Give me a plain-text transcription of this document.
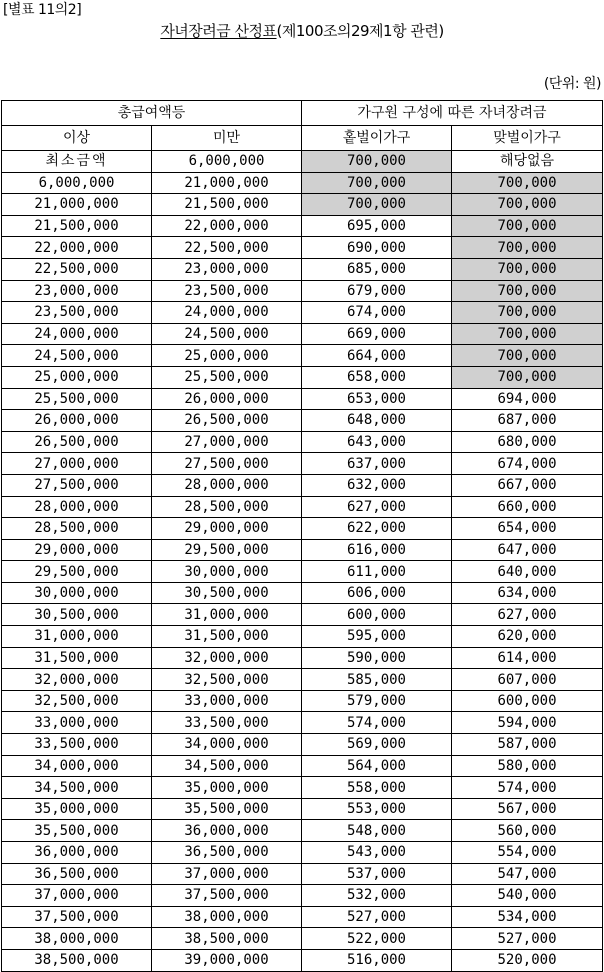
[별표 11의2]
자녀장려금 산정표(제100조의29제1항 관련)
(단위: 원)
총급여액등		가구원 구성에 따른 자녀장려금	
이상	미만	홑벌이가구	맞벌이가구
최소금액	6,000,000	700,000	해당없음
6,000,000	21,000,000	700,000	700,000
21,000,000	21,500,000	700,000	700,000
21,500,000	22,000,000	695,000	700,000
22,000,000	22,500,000	690,000	700,000
22,500,000	23,000,000	685,000	700,000
23,000,000	23,500,000	679,000	700,000
23,500,000	24,000,000	674,000	700,000
24,000,000	24,500,000	669,000	700,000
24,500,000	25,000,000	664,000	700,000
25,000,000	25,500,000	658,000	700,000
25,500,000	26,000,000	653,000	694,000
26,000,000	26,500,000	648,000	687,000
26,500,000	27,000,000	643,000	680,000
27,000,000	27,500,000	637,000	674,000
27,500,000	28,000,000	632,000	667,000
28,000,000	28,500,000	627,000	660,000
28,500,000	29,000,000	622,000	654,000
29,000,000	29,500,000	616,000	647,000
29,500,000	30,000,000	611,000	640,000
30,000,000	30,500,000	606,000	634,000
30,500,000	31,000,000	600,000	627,000
31,000,000	31,500,000	595,000	620,000
31,500,000	32,000,000	590,000	614,000
32,000,000	32,500,000	585,000	607,000
32,500,000	33,000,000	579,000	600,000
33,000,000	33,500,000	574,000	594,000
33,500,000	34,000,000	569,000	587,000
34,000,000	34,500,000	564,000	580,000
34,500,000	35,000,000	558,000	574,000
35,000,000	35,500,000	553,000	567,000
35,500,000	36,000,000	548,000	560,000
36,000,000	36,500,000	543,000	554,000
36,500,000	37,000,000	537,000	547,000
37,000,000	37,500,000	532,000	540,000
37,500,000	38,000,000	527,000	534,000
38,000,000	38,500,000	522,000	527,000
38,500,000	39,000,000	516,000	520,000
